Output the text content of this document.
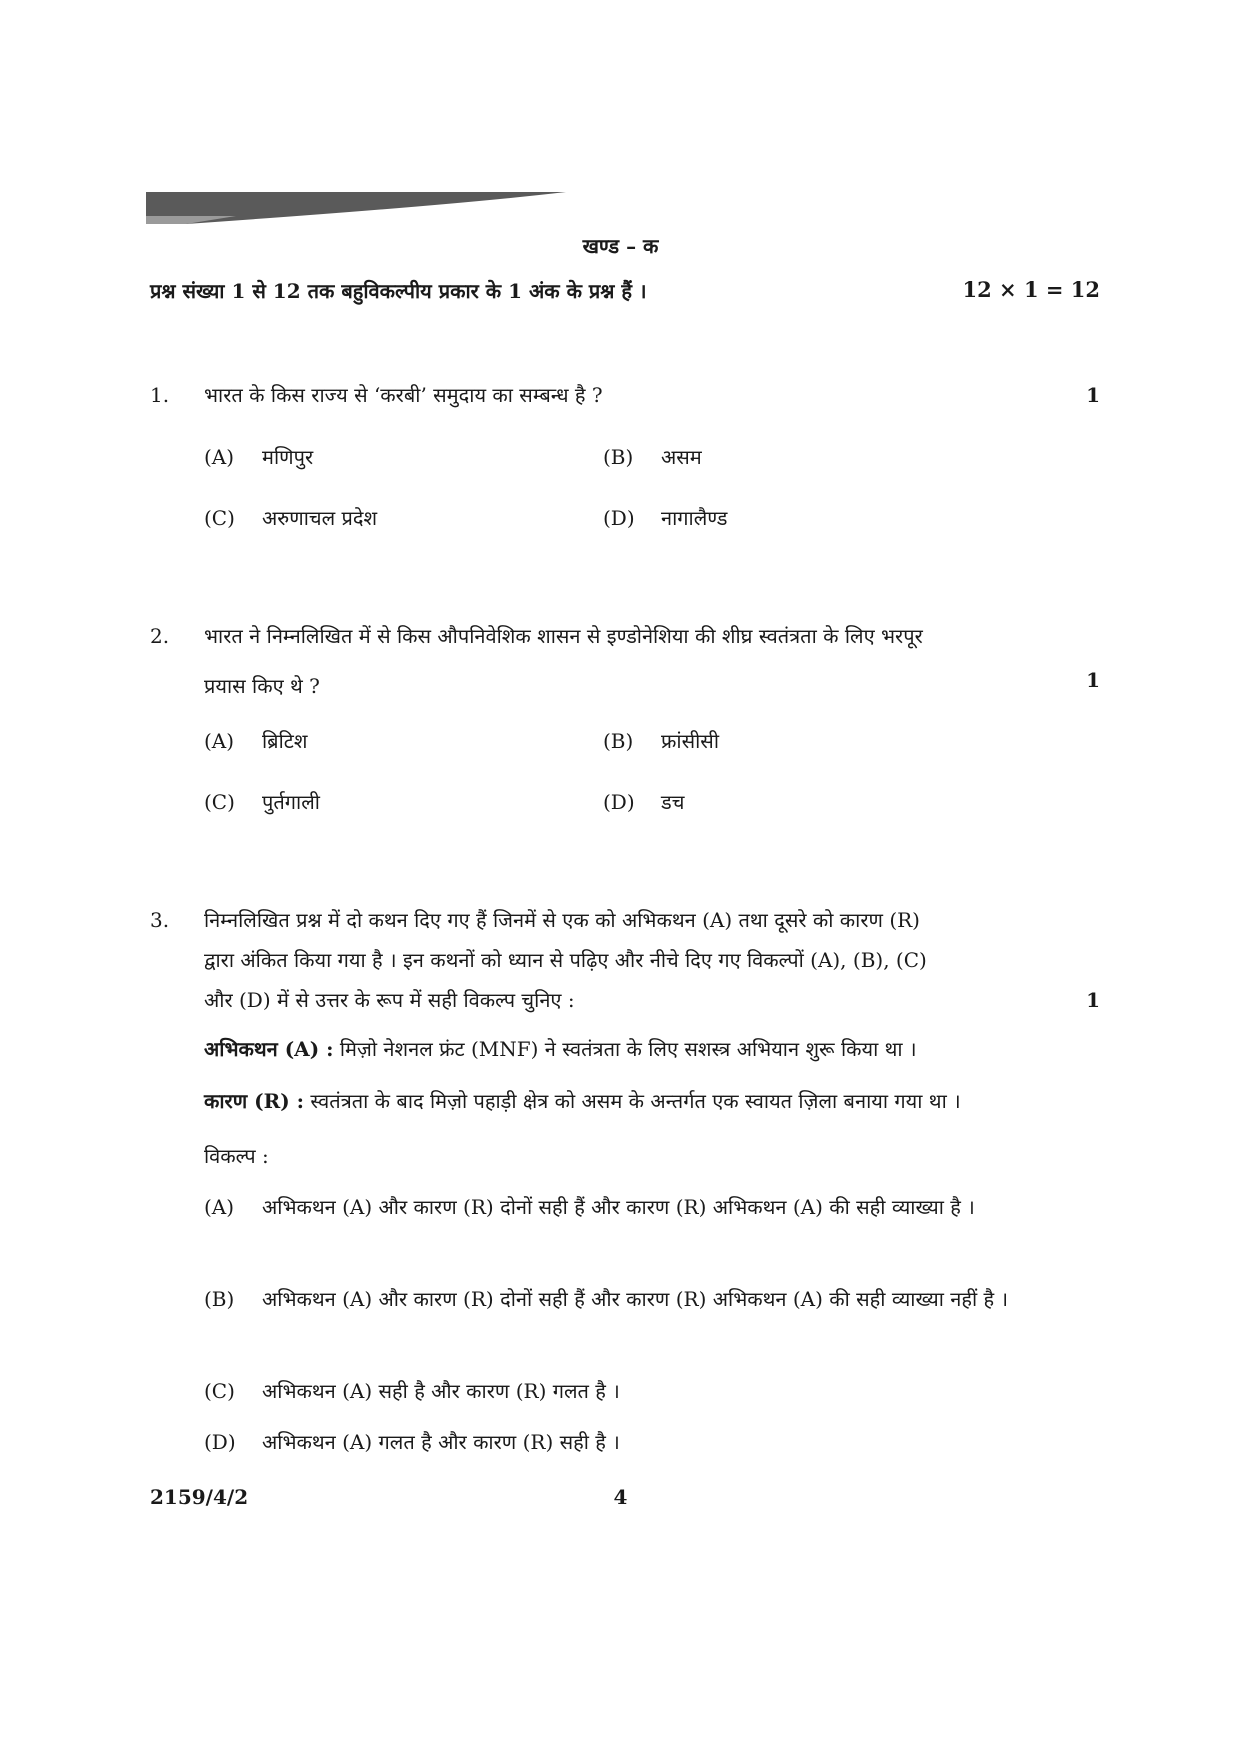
खण्ड – क
प्रश्न संख्या 1 से 12 तक बहुविकल्पीय प्रकार के 1 अंक के प्रश्न हैं ।	12 × 1 = 12
1. भारत के किस राज्य से ‘करबी’ समुदाय का सम्बन्ध है ?	1
(A) मणिपुर	(B) असम
(C) अरुणाचल प्रदेश	(D) नागालैण्ड
2. भारत ने निम्नलिखित में से किस औपनिवेशिक शासन से इण्डोनेशिया की शीघ्र स्वतंत्रता के लिए भरपूर
प्रयास किए थे ?	1
(A) ब्रिटिश	(B) फ्रांसीसी
(C) पुर्तगाली	(D) डच
3. निम्नलिखित प्रश्न में दो कथन दिए गए हैं जिनमें से एक को अभिकथन (A) तथा दूसरे को कारण (R)
द्वारा अंकित किया गया है । इन कथनों को ध्यान से पढ़िए और नीचे दिए गए विकल्पों (A), (B), (C)
और (D) में से उत्तर के रूप में सही विकल्प चुनिए :	1
अभिकथन (A) : मिज़ो नेशनल फ्रंट (MNF) ने स्वतंत्रता के लिए सशस्त्र अभियान शुरू किया था ।
कारण (R) : स्वतंत्रता के बाद मिज़ो पहाड़ी क्षेत्र को असम के अन्तर्गत एक स्वायत ज़िला बनाया गया था ।
विकल्प :
(A) अभिकथन (A) और कारण (R) दोनों सही हैं और कारण (R) अभिकथन (A) की सही व्याख्या है ।
(B) अभिकथन (A) और कारण (R) दोनों सही हैं और कारण (R) अभिकथन (A) की सही व्याख्या नहीं है ।
(C) अभिकथन (A) सही है और कारण (R) गलत है ।
(D) अभिकथन (A) गलत है और कारण (R) सही है ।
2159/4/2	4
